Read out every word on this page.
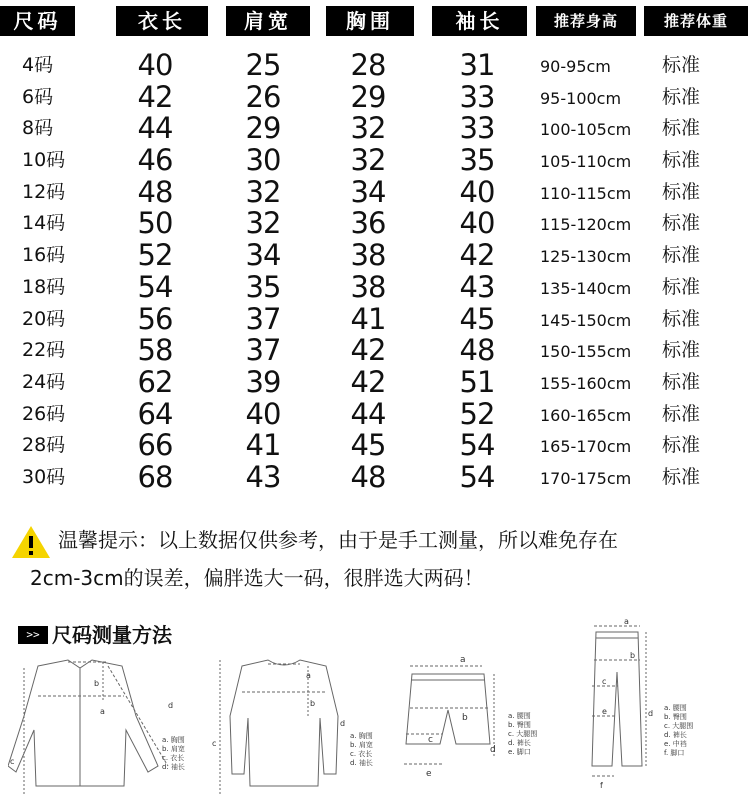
尺码	衣长	肩宽	胸围	袖长	推荐身高	推荐体重
4码	40	25	28	31	90-95cm	标准
6码	42	26	29	33	95-100cm 标准
8码	44	29	32	33	100-105cm 标准
10码	46	30	32	35	105-110cm 标准
12码	48	32	34	40	110-115cm 标准
14码	50	32	36	40	115-120cm 标准
16码	52	34	38	42	125-130cm 标准
18码	54	35	38	43	135-140cm 标准
20码	56	37	41	45	145-150cm 标准
22码	58	37	42	48	150-155cm 标准
24码	62	39	42	51	155-160cm 标准
26码	64	40	44	52	160-165cm 标准
28码	66	41	45	54	165-170cm 标准
30码	68	43	48	54	170-175cm 标准
温馨提示：以上数据仅供参考，由于是手工测量，所以难免存在
2cm-3cm的误差，偏胖选大一码，很胖选大两码！
>> 尺码测量方法
a
b
c
d
a. 胸围
b. 肩宽
c. 衣长
d. 袖长
a
b
c
d
a. 胸围
b. 肩宽
c. 衣长
d. 袖长
a
b
c
d
e
a. 腰围
b. 臀围
c. 大腿围
d. 裤长
e. 脚口
a
b
c
d
e
f
a. 腰围
b. 臀围
c. 大腿围
d. 裤长
e. 中裆
f. 脚口
